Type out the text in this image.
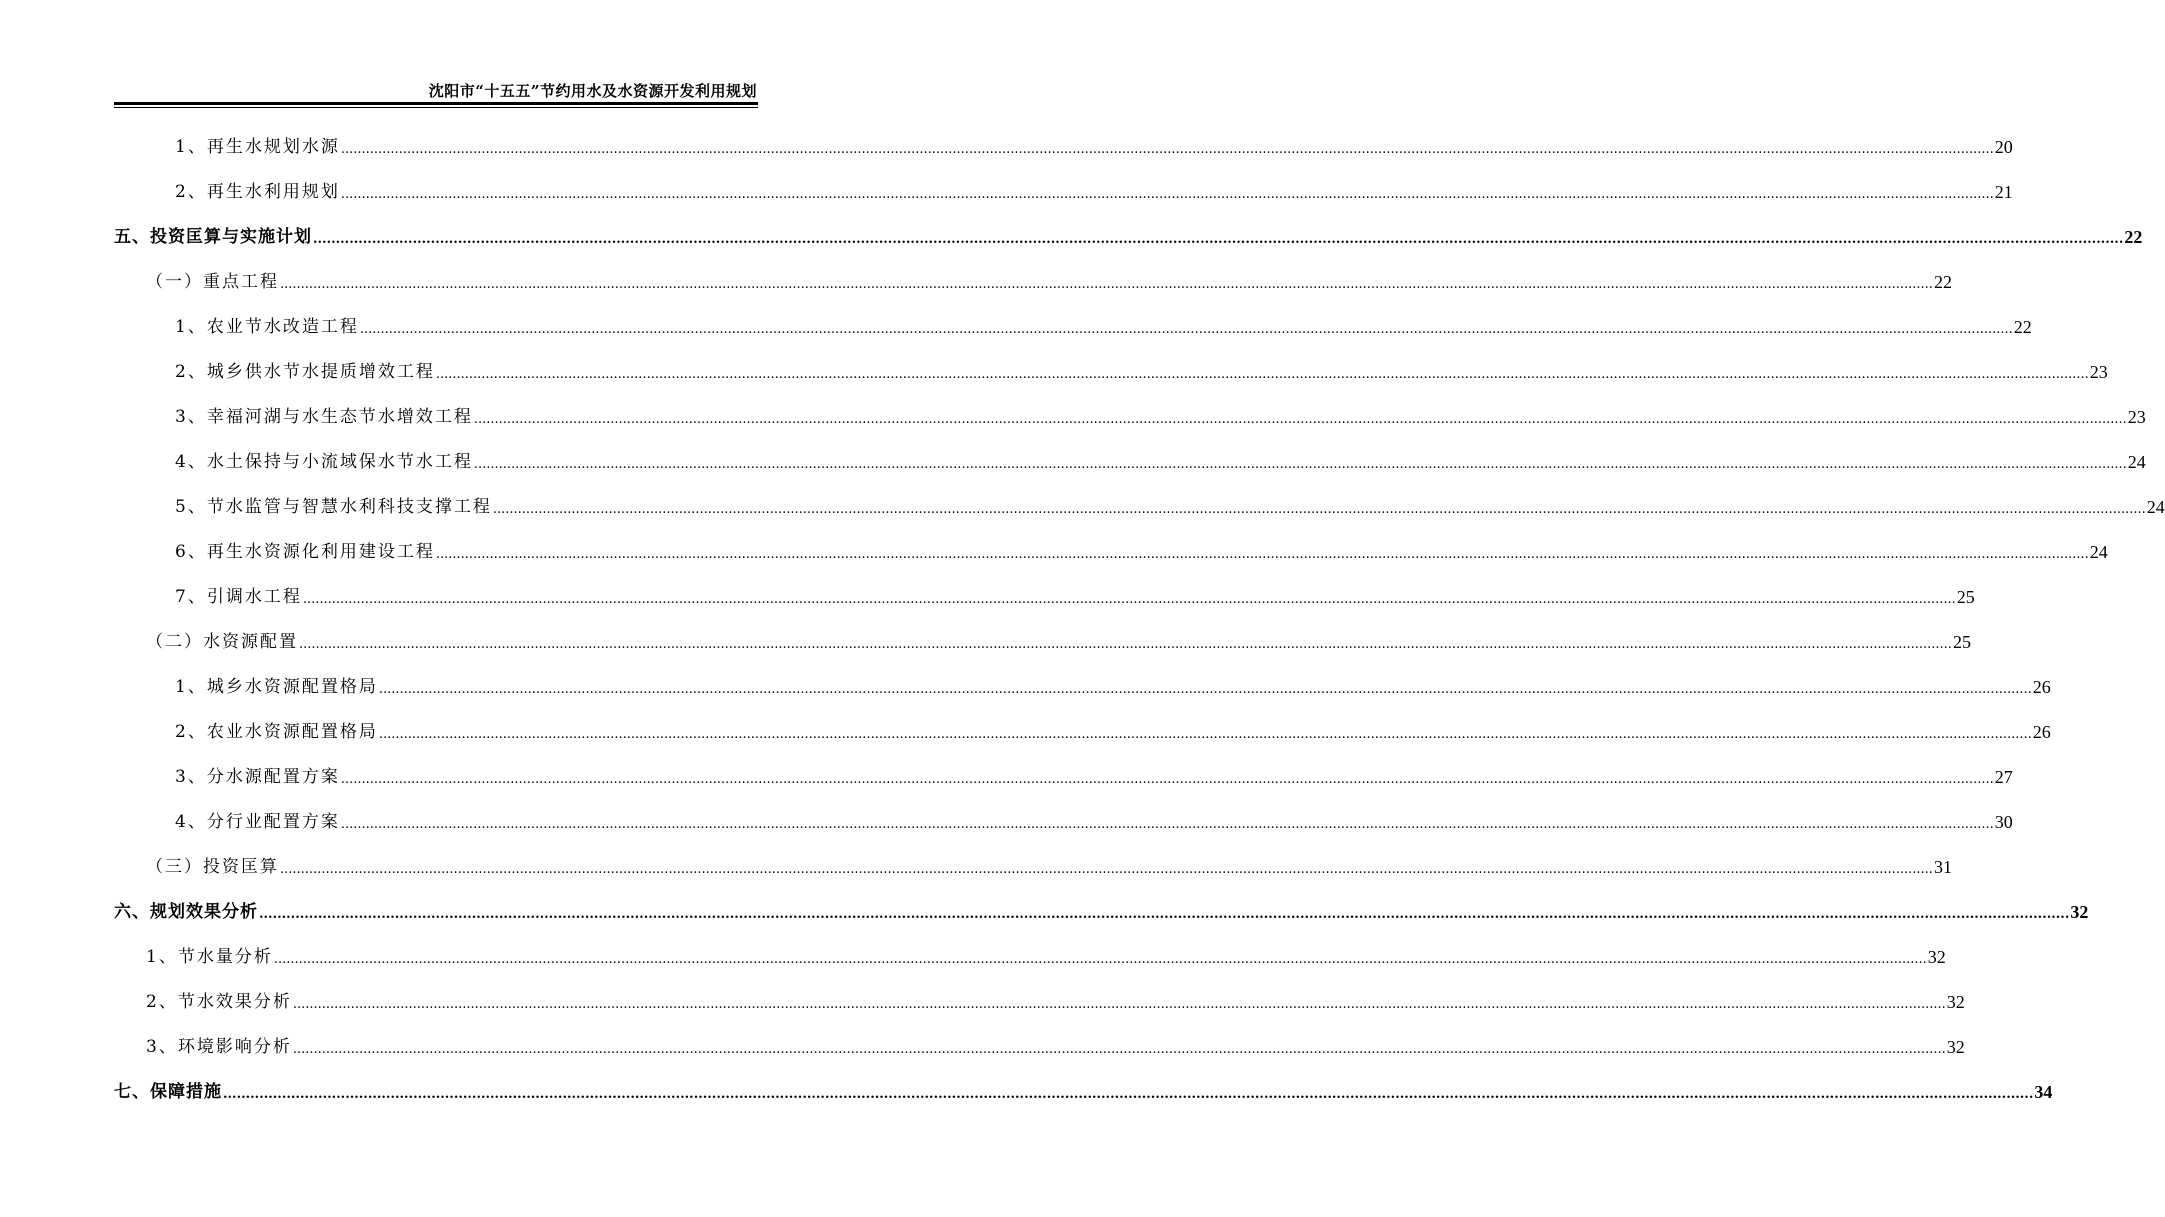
沈阳市“十五五”节约用水及水资源开发利用规划
1、再生水规划水源 ................................................................................................................................................................................................................................................................................................................................................................................................................ 20
2、再生水利用规划 ................................................................................................................................................................................................................................................................................................................................................................................................................ 21
五、投资匡算与实施计划 ................................................................................................................................................................................................................................................................................................................................................................................................................ 22
（一）重点工程 ................................................................................................................................................................................................................................................................................................................................................................................................................ 22
1、农业节水改造工程 ................................................................................................................................................................................................................................................................................................................................................................................................................ 22
2、城乡供水节水提质增效工程 ................................................................................................................................................................................................................................................................................................................................................................................................................ 23
3、幸福河湖与水生态节水增效工程 ................................................................................................................................................................................................................................................................................................................................................................................................................ 23
4、水土保持与小流域保水节水工程 ................................................................................................................................................................................................................................................................................................................................................................................................................ 24
5、节水监管与智慧水利科技支撑工程 ................................................................................................................................................................................................................................................................................................................................................................................................................ 24
6、再生水资源化利用建设工程 ................................................................................................................................................................................................................................................................................................................................................................................................................ 24
7、引调水工程 ................................................................................................................................................................................................................................................................................................................................................................................................................ 25
（二）水资源配置 ................................................................................................................................................................................................................................................................................................................................................................................................................ 25
1、城乡水资源配置格局 ................................................................................................................................................................................................................................................................................................................................................................................................................ 26
2、农业水资源配置格局 ................................................................................................................................................................................................................................................................................................................................................................................................................ 26
3、分水源配置方案 ................................................................................................................................................................................................................................................................................................................................................................................................................ 27
4、分行业配置方案 ................................................................................................................................................................................................................................................................................................................................................................................................................ 30
（三）投资匡算 ................................................................................................................................................................................................................................................................................................................................................................................................................ 31
六、规划效果分析 ................................................................................................................................................................................................................................................................................................................................................................................................................ 32
1、节水量分析 ................................................................................................................................................................................................................................................................................................................................................................................................................ 32
2、节水效果分析 ................................................................................................................................................................................................................................................................................................................................................................................................................ 32
3、环境影响分析 ................................................................................................................................................................................................................................................................................................................................................................................................................ 32
七、保障措施 ................................................................................................................................................................................................................................................................................................................................................................................................................ 34
